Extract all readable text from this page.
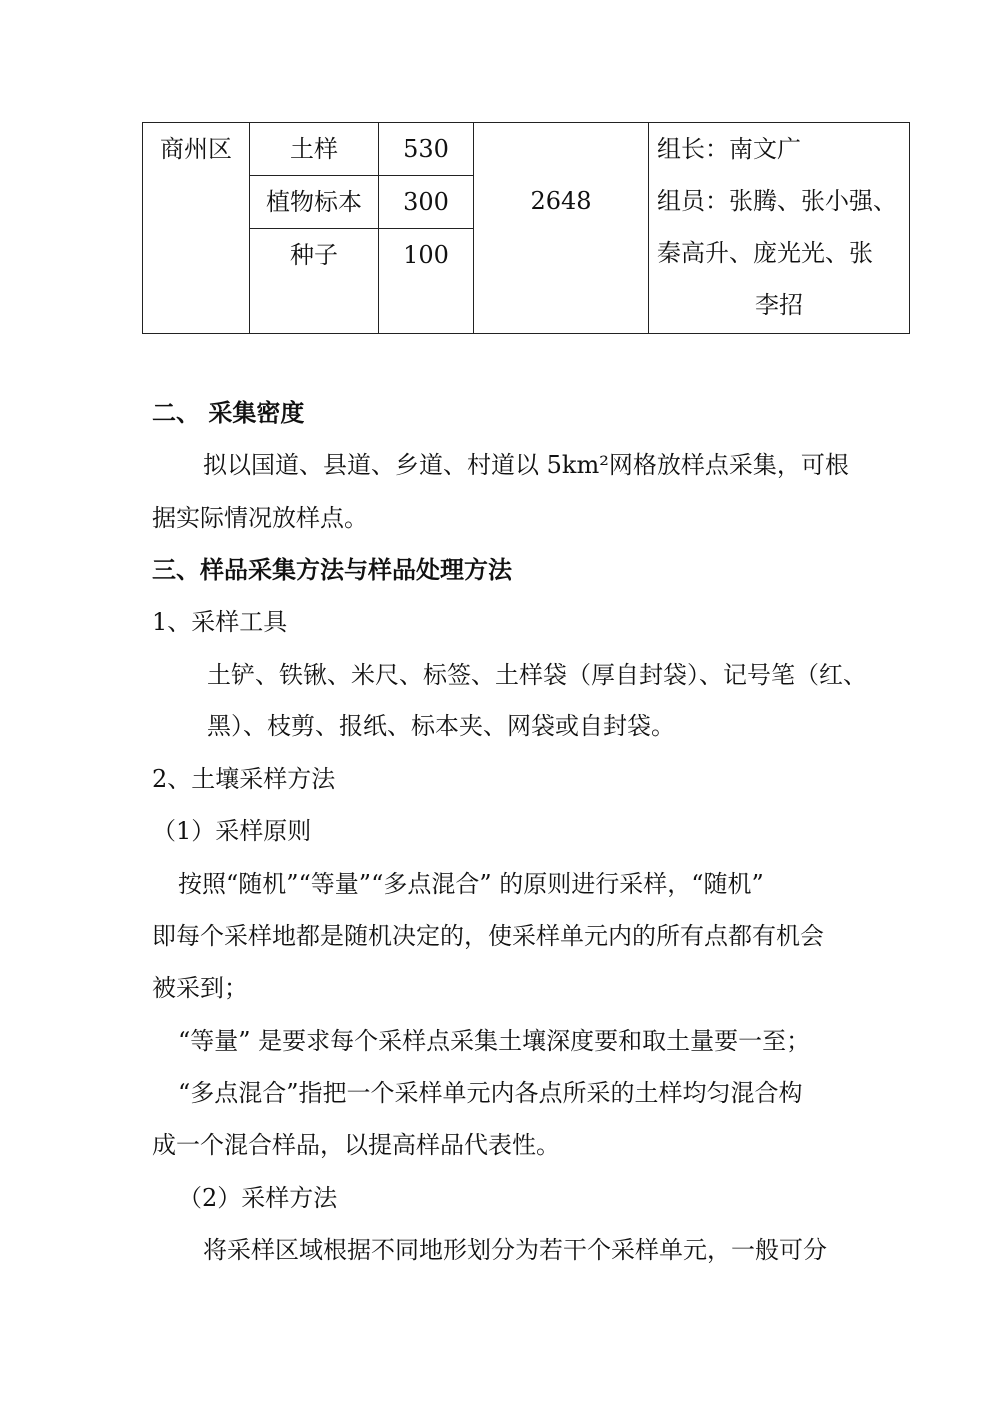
商州区	土样	530	2648	组长：南文广
组员：张腾、张小强、
秦高升、庞光光、张
李招

	植物标本	300		
	种子	100		

二、 采集密度
拟以国道、县道、乡道、村道以 5km²网格放样点采集，可根
据实际情况放样点。
三、样品采集方法与样品处理方法
1、采样工具
土铲、铁锹、米尺、标签、土样袋（厚自封袋）、记号笔（红、
黑）、枝剪、报纸、标本夹、网袋或自封袋。
2、土壤采样方法
（1）采样原则
按照“随机”“等量”“多点混合” 的原则进行采样，“随机”
即每个采样地都是随机决定的，使采样单元内的所有点都有机会
被采到；
“等量” 是要求每个采样点采集土壤深度要和取土量要一至；
“多点混合”指把一个采样单元内各点所采的土样均匀混合构
成一个混合样品，以提高样品代表性。
（2）采样方法
将采样区域根据不同地形划分为若干个采样单元，一般可分
